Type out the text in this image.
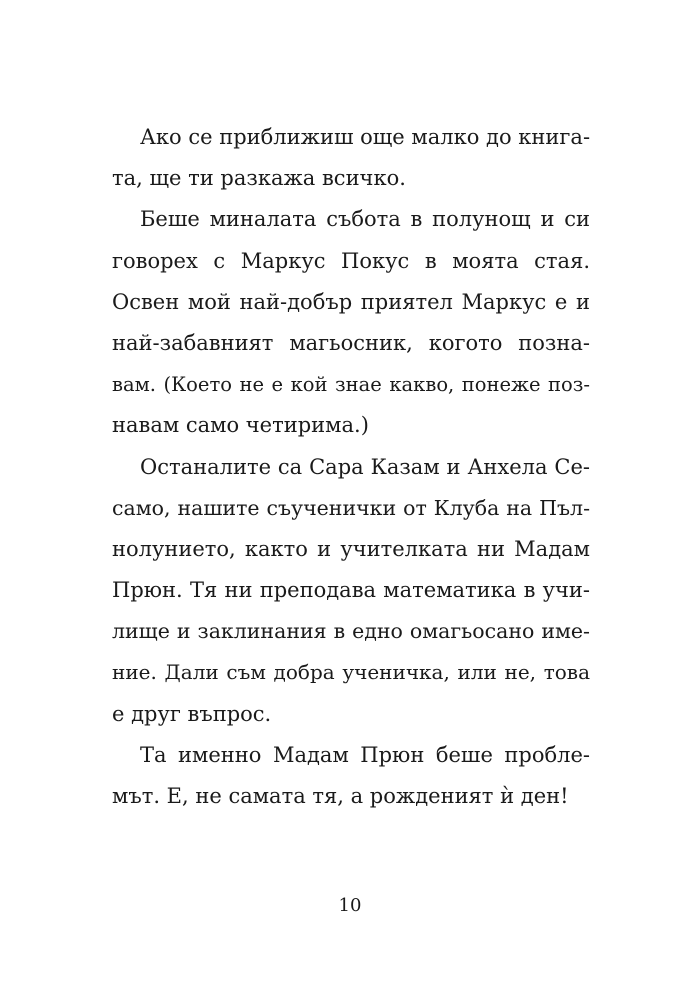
Ако се приближиш още малко до книга-
та, ще ти разкажа всичко.
Беше миналата събота в полунощ и си
говорех с Маркус Покус в моята стая.
Освен мой най-добър приятел Маркус е и
най-забавният магьосник, когото позна-
вам. (Което не е кой знае какво, понеже поз-
навам само четирима.)
Останалите са Сара Казам и Анхела Се-
само, нашите съученички от Клуба на Пъл-
нолунието, както и учителката ни Мадам
Прюн. Тя ни преподава математика в учи-
лище и заклинания в едно омагьосано име-
ние. Дали съм добра ученичка, или не, това
е друг въпрос.
Та именно Мадам Прюн беше пробле-
мът. Е, не самата тя, а рожденият ѝ ден!
10
